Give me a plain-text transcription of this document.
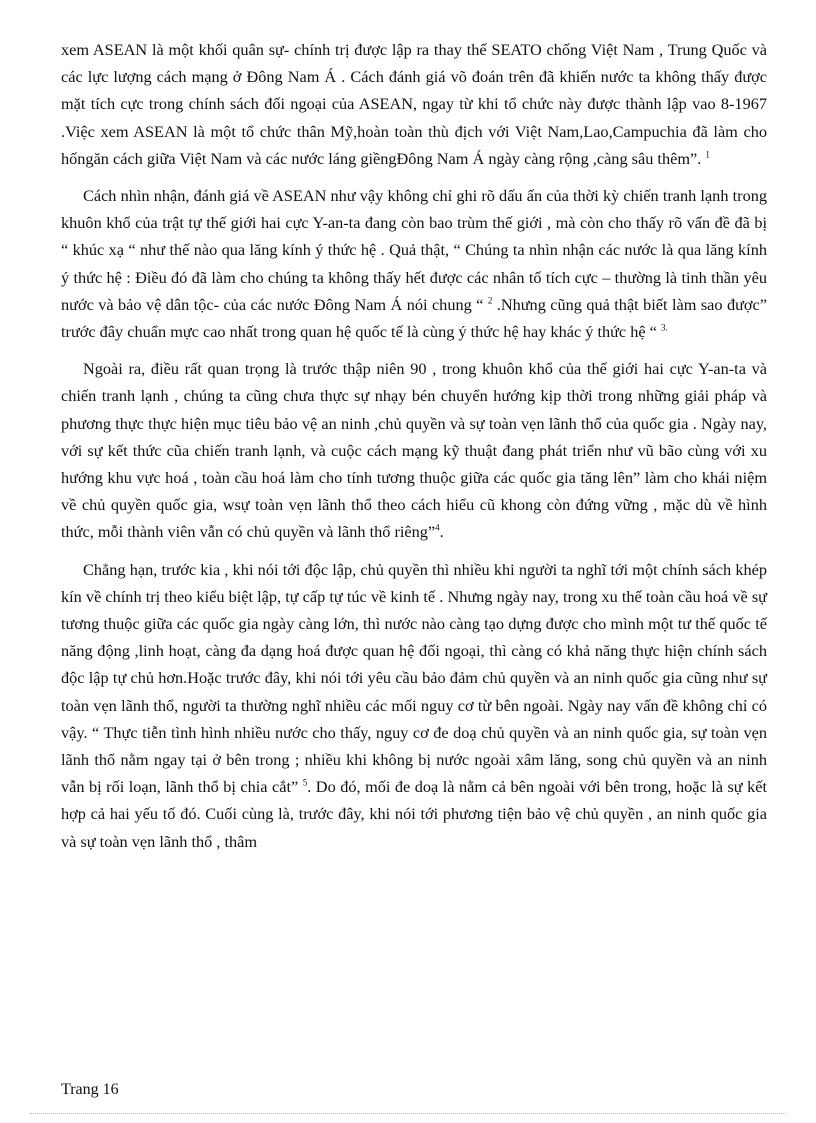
xem ASEAN là một khối quân sự- chính trị được lập ra thay thế SEATO chống Việt Nam , Trung Quốc và các lực lượng cách mạng ở Đông Nam Á . Cách đánh giá võ đoán trên đã khiến nước ta không thấy được mặt tích cực trong chính sách đối ngoại của ASEAN, ngay từ khi tổ chức này được thành lập vao 8-1967 .Việc xem ASEAN là một tổ chức thân Mỹ,hoàn toàn thù địch với Việt Nam,Lao,Campuchia đã làm cho hốngăn cách giữa Việt Nam và các nước láng giềngĐông Nam Á ngày càng rộng ,càng sâu thêm”. $^1$

Cách nhìn nhận, đánh giá về ASEAN như vậy không chỉ ghi rõ dấu ấn của thời kỳ chiến tranh lạnh trong khuôn khổ của trật tự thế giới hai cực Y-an-ta đang còn bao trùm thế giới , mà còn cho thấy rõ vấn đề đã bị “ khúc xạ “ như thế nào qua lăng kính ý thức hệ . Quả thật, “ Chúng ta nhìn nhận các nước là qua lăng kính ý thức hệ : Điều đó đã làm cho chúng ta không thấy hết được các nhân tố tích cực – thường là tinh thần yêu nước và bảo vệ dân tộc- của các nước Đông Nam Á nói chung “ $^2$ .Nhưng cũng quả thật biết làm sao được” trước đây chuẩn mực cao nhất trong quan hệ quốc tế là cùng ý thức hệ hay khác ý thức hệ “ $^{3.}$

Ngoài ra, điều rất quan trọng là trước thập niên 90 , trong khuôn khổ của thế giới hai cực Y-an-ta và chiến tranh lạnh , chúng ta cũng chưa thực sự nhạy bén chuyển hướng kịp thời trong những giải pháp và phương thực thực hiện mục tiêu bảo vệ an ninh ,chủ quyền và sự toàn vẹn lãnh thổ của quốc gia . Ngày nay, với sự kết thức cũa chiến tranh lạnh, và cuộc cách mạng kỹ thuật đang phát triển như vũ bão cùng với xu hướng khu vực hoá , toàn cầu hoá làm cho tính tương thuộc giữa các quốc gia tăng lên” làm cho khái niệm về chủ quyền quốc gia, wsự toàn vẹn lãnh thổ theo cách hiểu cũ khong còn đứng vững , mặc dù về hình thức, mỗi thành viên vẫn có chủ quyền và lãnh thổ riêng”$^4$.

Chẳng hạn, trước kia , khi nói tới độc lập, chủ quyền thì nhiều khi người ta nghĩ tới một chính sách khép kín về chính trị theo kiểu biệt lập, tự cấp tự túc về kinh tế . Nhưng ngày nay, trong xu thế toàn cầu hoá về sự tương thuộc giữa các quốc gia ngày càng lớn, thì nước nào càng tạo dựng được cho mình một tư thế quốc tế năng động ,linh hoạt, càng đa dạng hoá được quan hệ đối ngoại, thì càng có khả năng thực hiện chính sách độc lập tự chủ hơn.Hoặc trước đây, khi nói tới yêu cầu bảo đảm chủ quyền và an ninh quốc gia cũng như sự toàn vẹn lãnh thổ, người ta thường nghĩ nhiều các mối nguy cơ từ bên ngoài. Ngày nay vấn đề không chỉ có vậy. “ Thực tiễn tình hình nhiều nước cho thấy, nguy cơ đe doạ chủ quyền và an ninh quốc gia, sự toàn vẹn lãnh thổ nằm ngay tại ở bên trong ; nhiều khi không bị nước ngoài xâm lăng, song chủ quyền và an ninh vẫn bị rối loạn, lãnh thổ bị chia cắt” $^5$. Do đó, mối đe doạ là nằm cả bên ngoài với bên trong, hoặc là sự kết hợp cả hai yếu tố đó. Cuối cùng là, trước đây, khi nói tới phương tiện bảo vệ chủ quyền , an ninh quốc gia và sự toàn vẹn lãnh thổ , thâm

Trang 16
